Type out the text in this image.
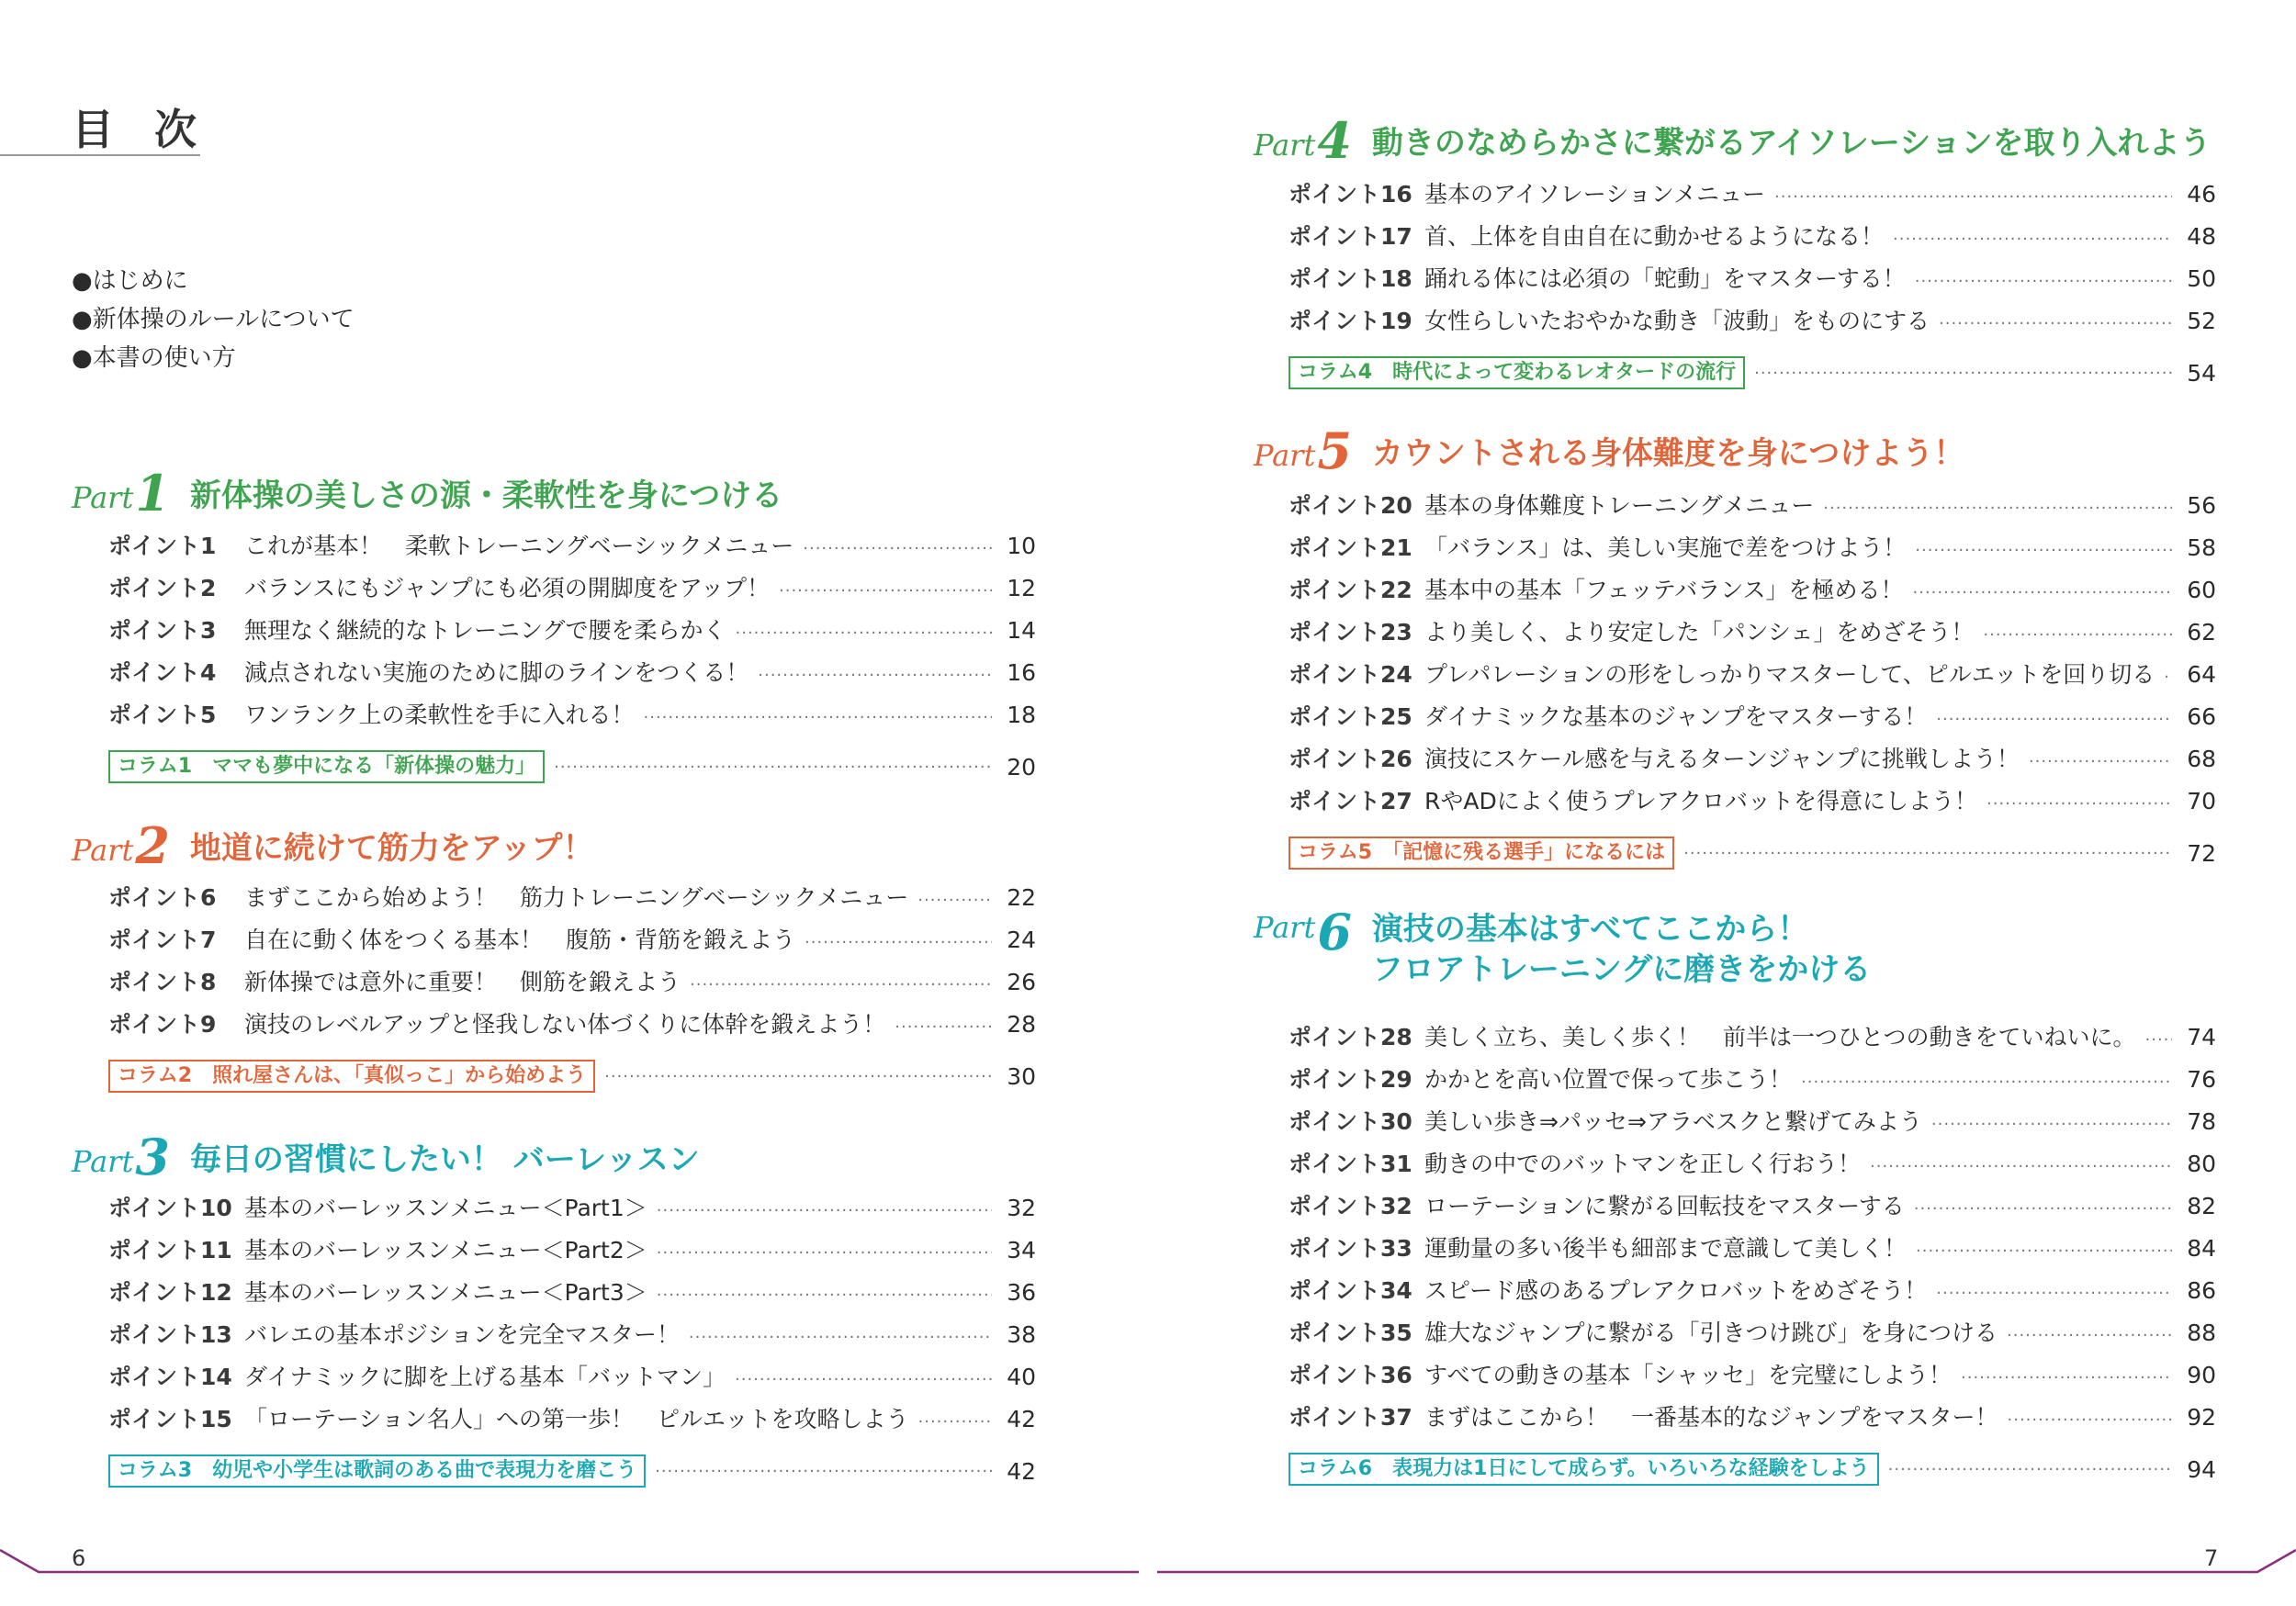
目 次
●はじめに
●新体操のルールについて
●本書の使い方
Part 1 新体操の美しさの源・柔軟性を身につける
ポイント1	これが基本！　柔軟トレーニングベーシックメニュー ·····	10
ポイント2	バランスにもジャンプにも必須の開脚度をアップ！ ·····	12
ポイント3	無理なく継続的なトレーニングで腰を柔らかく ·····	14
ポイント4	減点されない実施のために脚のラインをつくる！ ·····	16
ポイント5	ワンランク上の柔軟性を手に入れる！ ·····	18
コラム1　ママも夢中になる「新体操の魅力」 ·····	20
Part 2 地道に続けて筋力をアップ！
ポイント6	まずここから始めよう！　筋力トレーニングベーシックメニュー ·····	22
ポイント7	自在に動く体をつくる基本！　腹筋・背筋を鍛えよう ·····	24
ポイント8	新体操では意外に重要！　側筋を鍛えよう ·····	26
ポイント9	演技のレベルアップと怪我しない体づくりに体幹を鍛えよう！ ·····	28
コラム2　照れ屋さんは、「真似っこ」から始めよう ·····	30
Part 3 毎日の習慣にしたい！ バーレッスン
ポイント10 基本のバーレッスンメニュー＜Part1＞ ·····	32
ポイント11 基本のバーレッスンメニュー＜Part2＞ ·····	34
ポイント12 基本のバーレッスンメニュー＜Part3＞ ·····	36
ポイント13 バレエの基本ポジションを完全マスター！ ·····	38
ポイント14 ダイナミックに脚を上げる基本「バットマン」 ·····	40
ポイント15 「ローテーション名人」への第一歩！　ピルエットを攻略しよう ·····	42
コラム3　幼児や小学生は歌詞のある曲で表現力を磨こう ·····	42
Part 4 動きのなめらかさに繋がるアイソレーションを取り入れよう
ポイント16 基本のアイソレーションメニュー ·····	46
ポイント17 首、上体を自由自在に動かせるようになる！ ·····	48
ポイント18 踊れる体には必須の「蛇動」をマスターする！ ·····	50
ポイント19 女性らしいたおやかな動き「波動」をものにする ·····	52
コラム4　時代によって変わるレオタードの流行 ·····	54
Part 5 カウントされる身体難度を身につけよう！
ポイント20 基本の身体難度トレーニングメニュー ·····	56
ポイント21 「バランス」は、美しい実施で差をつけよう！ ·····	58
ポイント22 基本中の基本「フェッテバランス」を極める！ ·····	60
ポイント23 より美しく、より安定した「パンシェ」をめざそう！ ·····	62
ポイント24 プレパレーションの形をしっかりマスターして、ピルエットを回り切る ·····	64
ポイント25 ダイナミックな基本のジャンプをマスターする！ ·····	66
ポイント26 演技にスケール感を与えるターンジャンプに挑戦しよう！ ·····	68
ポイント27 RやADによく使うプレアクロバットを得意にしよう！ ·····	70
コラム5　「記憶に残る選手」になるには ·····	72
Part 6 演技の基本はすべてここから！
フロアトレーニングに磨きをかける
ポイント28 美しく立ち、美しく歩く！　前半は一つひとつの動きをていねいに。 ·····	74
ポイント29 かかとを高い位置で保って歩こう！ ·····	76
ポイント30 美しい歩き⇒パッセ⇒アラベスクと繋げてみよう ·····	78
ポイント31 動きの中でのバットマンを正しく行おう！ ·····	80
ポイント32 ローテーションに繋がる回転技をマスターする ·····	82
ポイント33 運動量の多い後半も細部まで意識して美しく！ ·····	84
ポイント34 スピード感のあるプレアクロバットをめざそう！ ·····	86
ポイント35 雄大なジャンプに繋がる「引きつけ跳び」を身につける ·····	88
ポイント36 すべての動きの基本「シャッセ」を完璧にしよう！ ·····	90
ポイント37 まずはここから！　一番基本的なジャンプをマスター！ ·····	92
コラム6　表現力は1日にして成らず。いろいろな経験をしよう ·····	94
6	7
